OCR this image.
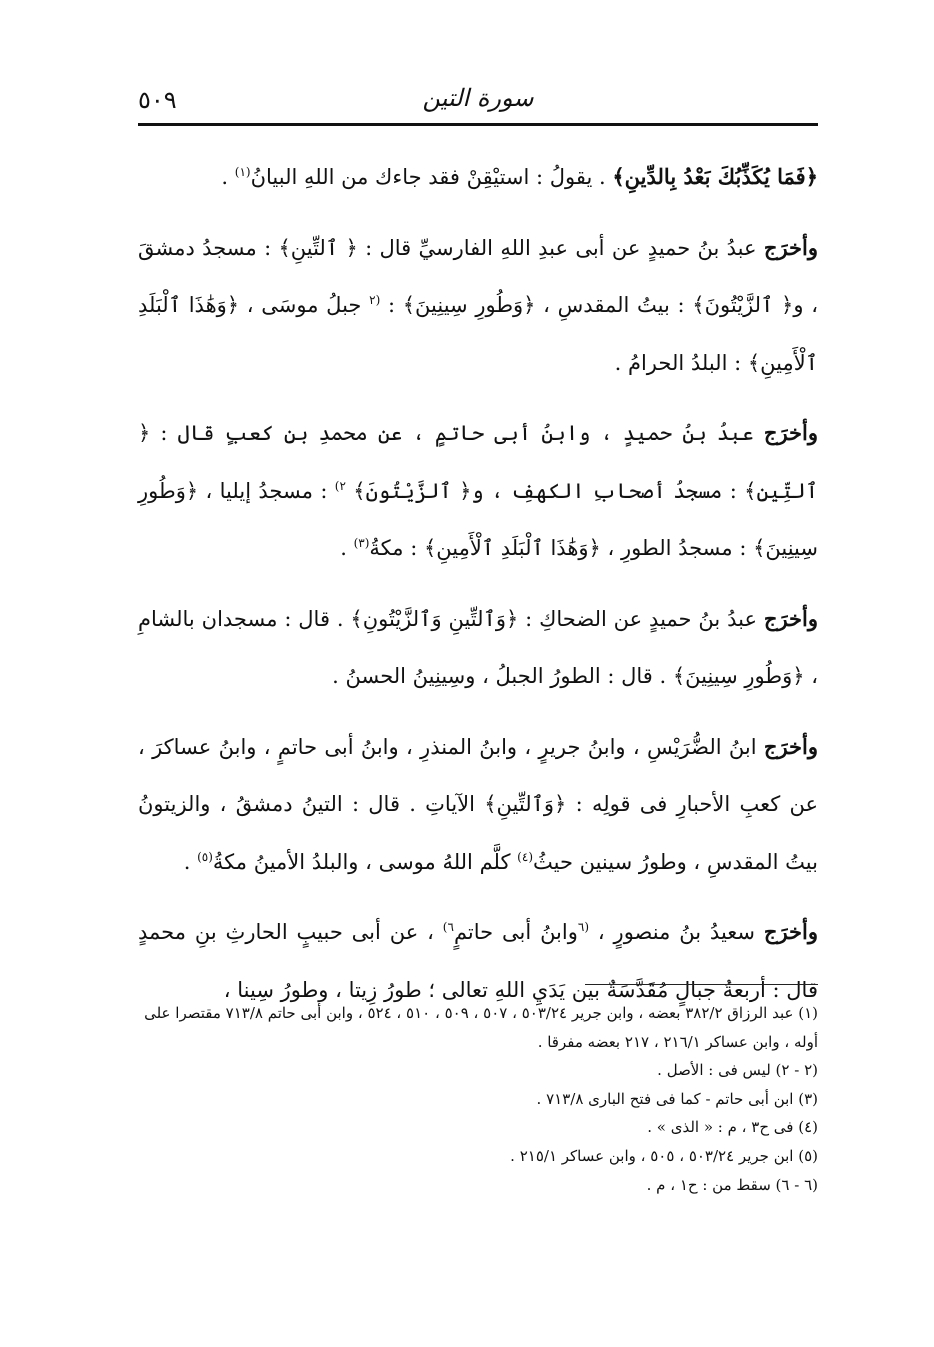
٥٠٩	سورة التين

﴿فَمَا يُكَذِّبُكَ بَعْدُ بِالدِّينِ﴾ . يقولُ : استيْقِنْ فقد جاءك من اللهِ البيانُ$^{(١)}$ .

وأخرَج عبدُ بنُ حميدٍ عن أبى عبدِ اللهِ الفارسيِّ قال : ﴿ ٱلتِّينِ﴾ : مسجدُ دمشقَ ، و﴿ ٱلزَّيْتُونَ﴾ : بيتُ المقدسِ ، ﴿وَطُورِ سِينِينَ﴾ : $^{(٢}$ جبلُ موسَى ، ﴿وَهَٰذَا ٱلْبَلَدِ ٱلْأَمِينِ﴾ : البلدُ الحرامُ .

وأخرَج عبدُ بنُ حميدٍ ، وابنُ أبى حاتمٍ ، عن محمدِ بنِ كعبٍ قال : ﴿ ٱلتِّينِ﴾ : مسجدُ أصحابِ الكهفِ ، و﴿ ٱلزَّيْتُونَ﴾ $^{٢)}$ : مسجدُ إيليا ، ﴿وَطُورِ سِينِينَ﴾ : مسجدُ الطورِ ، ﴿وَهَٰذَا ٱلْبَلَدِ ٱلْأَمِينِ﴾ : مكةُ$^{(٣)}$ .

وأخرَج عبدُ بنُ حميدٍ عن الضحاكِ : ﴿وَٱلتِّينِ وَٱلزَّيْتُونِ﴾ . قال : مسجدان بالشامِ ، ﴿وَطُورِ سِينِينَ﴾ . قال : الطورُ الجبلُ ، وسِينِينُ الحسنُ .

وأخرَج ابنُ الضُّرَيْسِ ، وابنُ جريرٍ ، وابنُ المنذرِ ، وابنُ أبى حاتمٍ ، وابنُ عساكرَ ، عن كعبِ الأحبارِ فى قولِه : ﴿وَٱلتِّينِ﴾ الآياتِ . قال : التينُ دمشقُ ، والزيتونُ بيتُ المقدسِ ، وطورُ سينين حيثُ$^{(٤)}$ كلَّم اللهُ موسى ، والبلدُ الأمينُ مكةُ$^{(٥)}$ .

وأخرَج سعيدُ بنُ منصورٍ ، $^{(٦}$وابنُ أبى حاتمٍ$^{٦)}$ ، عن أبى حبيبٍ الحارثِ بنِ محمدٍ قال : أربعةُ جبالٍ مُقَدَّسَةٌ بين يَدَيِ اللهِ تعالى ؛ طورُ زِيتا ، وطورُ سِينا ،

(١) عبد الرزاق ٣٨٢/٢ بعضه ، وابن جرير ٥٠٣/٢٤ ، ٥٠٧ ، ٥٠٩ ، ٥١٠ ، ٥٢٤ ، وابن أبى حاتم ٧١٣/٨ مقتصرا على أوله ، وابن عساكر ٢١٦/١ ، ٢١٧ بعضه مفرقا .

(٢ - ٢) ليس فى : الأصل .

(٣) ابن أبى حاتم - كما فى فتح البارى ٧١٣/٨ .

(٤) فى ح٣ ، م : « الذى » .

(٥) ابن جرير ٥٠٣/٢٤ ، ٥٠٥ ، وابن عساكر ٢١٥/١ .

(٦ - ٦) سقط من : ح١ ، م .
